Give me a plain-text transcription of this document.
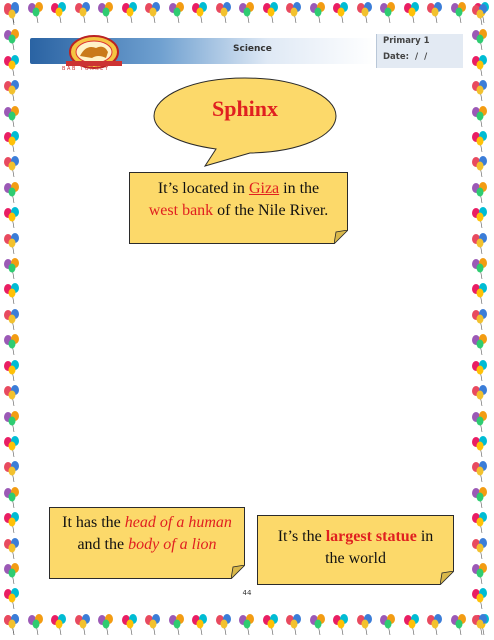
BAB TURKEY
Science
Primary 1
Date: / /
Sphinx
It’s located in Giza in the
west bank of the Nile River.
It has the head of a human
and the body of a lion	It’s the largest statue in
the world
44
